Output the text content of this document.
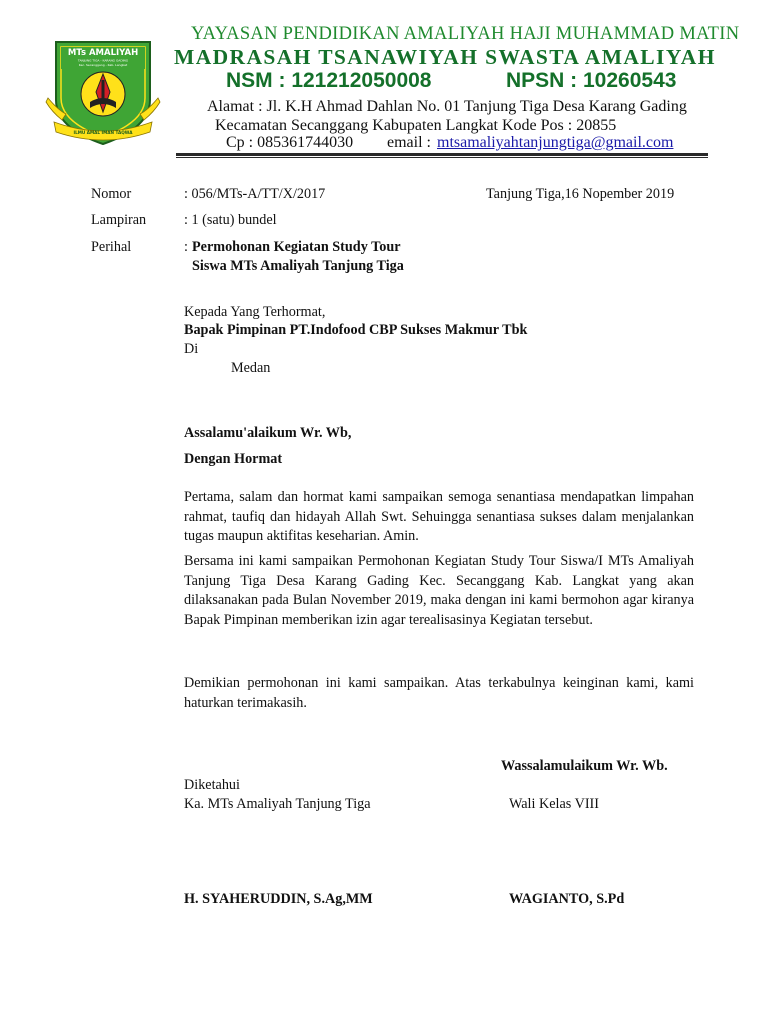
MTs AMALIYAH
TANJUNG TIGA - KARANG GADING
Kec. Secanggang - Kab. Langkat
ILMU AMAL IMAN TAQWA
YAYASAN PENDIDIKAN AMALIYAH HAJI MUHAMMAD MATIN
MADRASAH TSANAWIYAH SWASTA AMALIYAH
NSM : 121212050008	NPSN : 10260543
Alamat : Jl. K.H Ahmad Dahlan No. 01 Tanjung Tiga Desa Karang Gading
Kecamatan Secanggang Kabupaten Langkat Kode Pos : 20855
Cp : 085361744030 email : mtsamaliyahtanjungtiga@gmail.com
Nomor	: 056/MTs-A/TT/X/2017	Tanjung Tiga,16 Nopember 2019
Lampiran	: 1 (satu) bundel
Perihal	: Permohonan Kegiatan Study Tour
Siswa MTs Amaliyah Tanjung Tiga
Kepada Yang Terhormat,
Bapak Pimpinan PT.Indofood CBP Sukses Makmur Tbk
Di
Medan
Assalamu'alaikum Wr. Wb,
Dengan Hormat
Pertama, salam dan hormat kami sampaikan semoga senantiasa mendapatkan limpahan rahmat, taufiq dan hidayah Allah Swt. Sehuingga senantiasa sukses dalam menjalankan tugas maupun aktifitas keseharian. Amin.
Bersama ini kami sampaikan Permohonan Kegiatan Study Tour Siswa/I MTs Amaliyah Tanjung Tiga Desa Karang Gading Kec. Secanggang Kab. Langkat yang akan dilaksanakan pada Bulan November 2019, maka dengan ini kami bermohon agar kiranya Bapak Pimpinan memberikan izin agar terealisasinya Kegiatan tersebut.
Demikian permohonan ini kami sampaikan. Atas terkabulnya keinginan kami, kami haturkan terimakasih.
Wassalamulaikum Wr. Wb.
Diketahui
Ka. MTs Amaliyah Tanjung Tiga	Wali Kelas VIII
H. SYAHERUDDIN, S.Ag,MM	WAGIANTO, S.Pd
